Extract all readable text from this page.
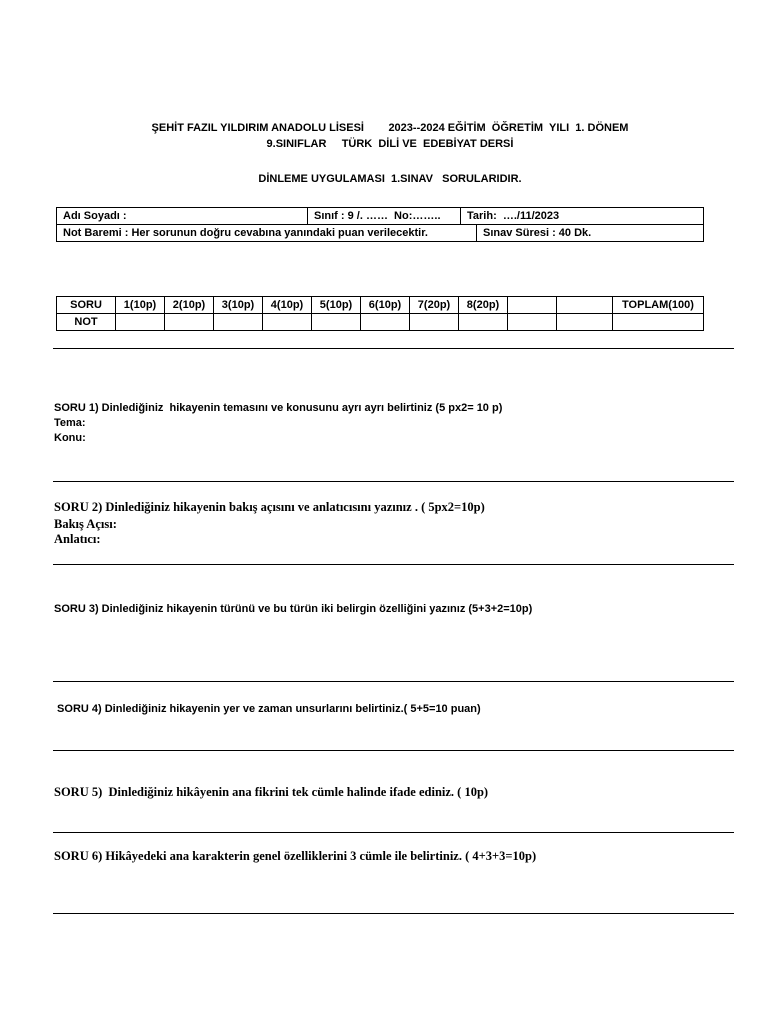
ŞEHİT FAZIL YILDIRIM ANADOLU LİSESİ        2023--2024 EĞİTİM  ÖĞRETİM  YILI  1. DÖNEM
9.SINIFLAR     TÜRK  DİLİ VE  EDEBİYAT DERSİ
DİNLEME UYGULAMASI  1.SINAV   SORULARIDIR.
Adı Soyadı :	Sınıf : 9 /. ……  No:……..	Tarih:  …./11/2023	
Not Baremi : Her sorunun doğru cevabına yanındaki puan verilecektir.			Sınav Süresi : 40 Dk.
SORU	1(10p)	2(10p)	3(10p)	4(10p)	5(10p)	6(10p)	7(20p)	8(20p)			TOPLAM(100)
NOT											
SORU 1) Dinlediğiniz  hikayenin temasını ve konusunu ayrı ayrı belirtiniz (5 px2= 10 p)
Tema:
Konu:
SORU 2) Dinlediğiniz hikayenin bakış açısını ve anlatıcısını yazınız . ( 5px2=10p)
Bakış Açısı:
Anlatıcı:
SORU 3) Dinlediğiniz hikayenin türünü ve bu türün iki belirgin özelliğini yazınız (5+3+2=10p)
SORU 4) Dinlediğiniz hikayenin yer ve zaman unsurlarını belirtiniz.( 5+5=10 puan)
SORU 5)  Dinlediğiniz hikâyenin ana fikrini tek cümle halinde ifade ediniz. ( 10p)
SORU 6) Hikâyedeki ana karakterin genel özelliklerini 3 cümle ile belirtiniz. ( 4+3+3=10p)
